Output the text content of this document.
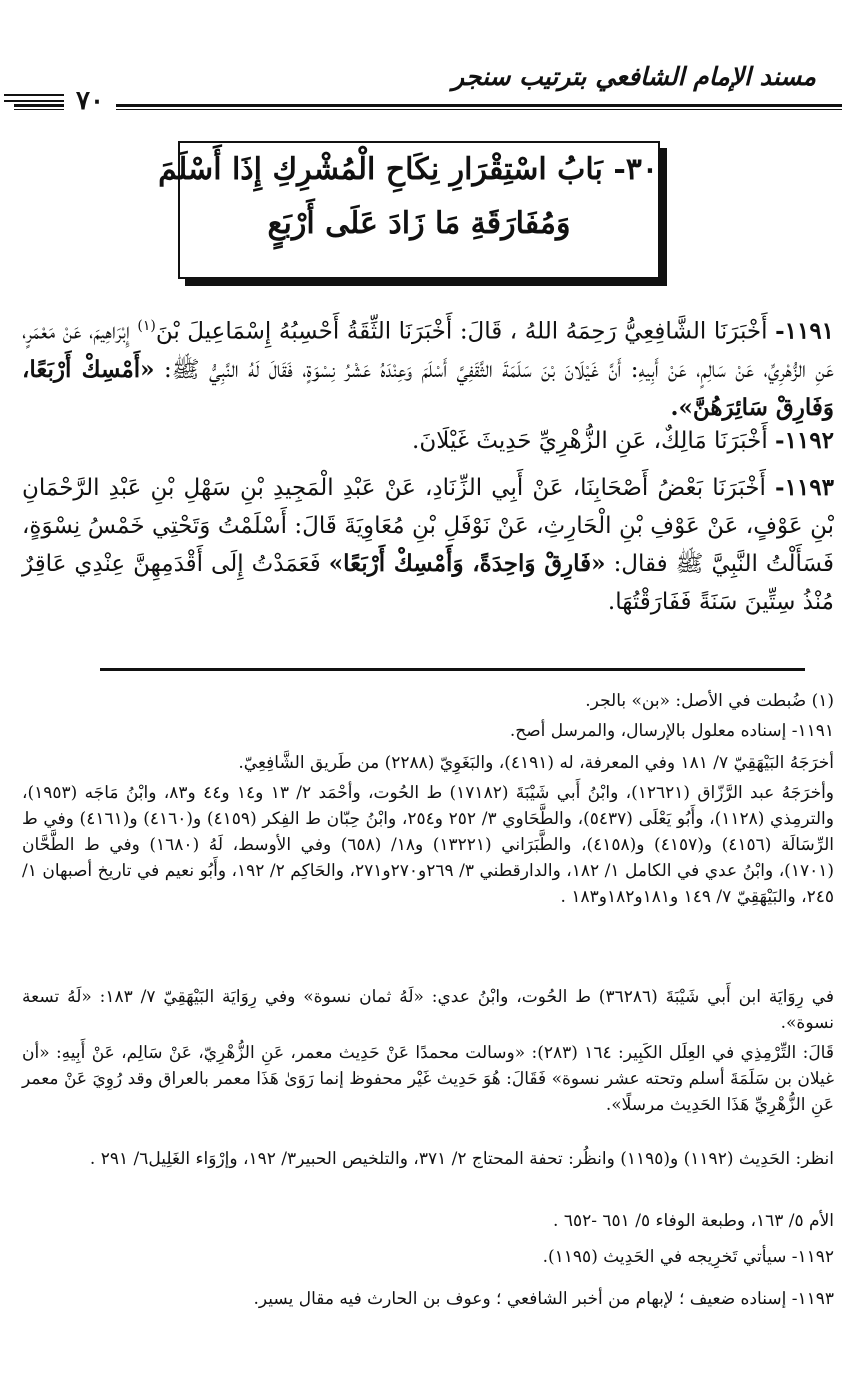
مسند الإمام الشافعي بترتيب سنجر
٧٠
٣٠- بَابُ اسْتِقْرَارِ نِكَاحِ الْمُشْرِكِ إِذَا أَسْلَمَ
وَمُفَارَقَةِ مَا زَادَ عَلَى أَرْبَعٍ
١١٩١- أَخْبَرَنَا الشَّافِعِيُّ رَحِمَهُ اللهُ ، قَالَ: أَخْبَرَنَا الثِّقَةُ أَحْسِبُهُ إِسْمَاعِيلَ بْنَ$^{(١)}$ إِبْرَاهِيمَ، عَنْ مَعْمَرٍ، عَنِ الزُّهْرِيِّ، عَنْ سَالِمٍ، عَنْ أَبِيهِ: أَنَّ غَيْلَانَ بْنَ سَلَمَةَ الثَّقَفِيَّ أَسْلَمَ وَعِنْدَهُ عَشْرُ نِسْوَةٍ، فَقَالَ لَهُ النَّبِيُّ ﷺ: «أَمْسِكْ أَرْبَعًا، وَفَارِقْ سَائِرَهُنَّ».
١١٩٢- أَخْبَرَنَا مَالِكٌ، عَنِ الزُّهْرِيِّ حَدِيثَ غَيْلَانَ.
١١٩٣- أَخْبَرَنَا بَعْضُ أَصْحَابِنَا، عَنْ أَبِي الزِّنَادِ، عَنْ عَبْدِ الْمَجِيدِ بْنِ سَهْلِ بْنِ عَبْدِ الرَّحْمَانِ بْنِ عَوْفٍ، عَنْ عَوْفِ بْنِ الْحَارِثِ، عَنْ نَوْفَلِ بْنِ مُعَاوِيَةَ قَالَ: أَسْلَمْتُ وَتَحْتِي خَمْسُ نِسْوَةٍ، فَسَأَلْتُ النَّبِيَّ ﷺ فقال: «فَارِقْ وَاحِدَةً، وَأَمْسِكْ أَرْبَعًا» فَعَمَدْتُ إِلَى أَقْدَمِهِنَّ عِنْدِي عَاقِرٌ مُنْذُ سِتِّينَ سَنَةً فَفَارَقْتُهَا.
(١) ضُبطت في الأصل: «بن» بالجر.
١١٩١- إسناده معلول بالإرسال، والمرسل أصح.
أخرَجَهُ البَيْهَقِيّ ٧/ ١٨١ وفي المعرفة، له (٤١٩١)، والبَغَوِيّ (٢٢٨٨) من طَريق الشَّافِعِيّ.
وأخرَجَهُ عبد الرَّزّاق (١٢٦٢١)، وابْنُ أَبي شَيْبَةَ (١٧١٨٢) ط الحُوت، وأحْمَد ٢/ ١٣ و١٤ و٤٤ و٨٣، وابْنُ مَاجَه (١٩٥٣)، والترمِذي (١١٢٨)، وأَبُو يَعْلَى (٥٤٣٧)، والطَّحَاوي ٣/ ٢٥٢ و٢٥٤، وابْنُ حِبّان ط الفِكر (٤١٥٩) و(٤١٦٠) و(٤١٦١) وفي ط الرِّسَالَة (٤١٥٦) و(٤١٥٧) و(٤١٥٨)، والطَّبَرَاني (١٣٢٢١) و١٨/ (٦٥٨) وفي الأوسط، لَهُ (١٦٨٠) وفي ط الطَّحَّان (١٧٠١)، وابْنُ عدي في الكامل ١/ ١٨٢، والدارقطني ٣/ ٢٦٩و٢٧٠و٢٧١، والحَاكِم ٢/ ١٩٢، وأَبُو نعيم في تاريخ أصبهان ١/ ٢٤٥، والبَيْهَقِيّ ٧/ ١٤٩ و١٨١و١٨٢و١٨٣ .
في رِوَايَة ابن أَبي شَيْبَةَ (٣٦٢٨٦) ط الحُوت، وابْنُ عدي: «لَهُ ثمان نسوة» وفي رِوَايَة البَيْهَقِيّ ٧/ ١٨٣: «لَهُ تسعة نسوة».
قَالَ: التِّرْمِذِي في العِلَل الكَبِير: ١٦٤ (٢٨٣): «وسالت محمدًا عَنْ حَدِيث معمر، عَنِ الزُّهْرِيّ، عَنْ سَالِم، عَنْ أَبِيهِ: «أن غيلان بن سَلَمَةَ أسلم وتحته عشر نسوة» فَقَالَ: هُوَ حَدِيث غَيْر محفوظ إنما رَوَىٰ هَذَا معمر بالعراق وقد رُوِيَ عَنْ معمر عَنِ الزُّهْرِيِّ هَذَا الحَدِيث مرسلًا».
انظر: الحَدِيث (١١٩٢) و(١١٩٥) وانظُر: تحفة المحتاج ٢/ ٣٧١، والتلخيص الحبير٣/ ١٩٢، وإرْوَاء الغَلِيل٦/ ٢٩١ .
الأم ٥/ ١٦٣، وطبعة الوفاء ٥/ ٦٥١ -٦٥٢ .
١١٩٢- سيأتي تَخرِيجه في الحَدِيث (١١٩٥).
١١٩٣- إسناده ضعيف ؛ لإبهام من أخبر الشافعي ؛ وعوف بن الحارث فيه مقال يسير.
